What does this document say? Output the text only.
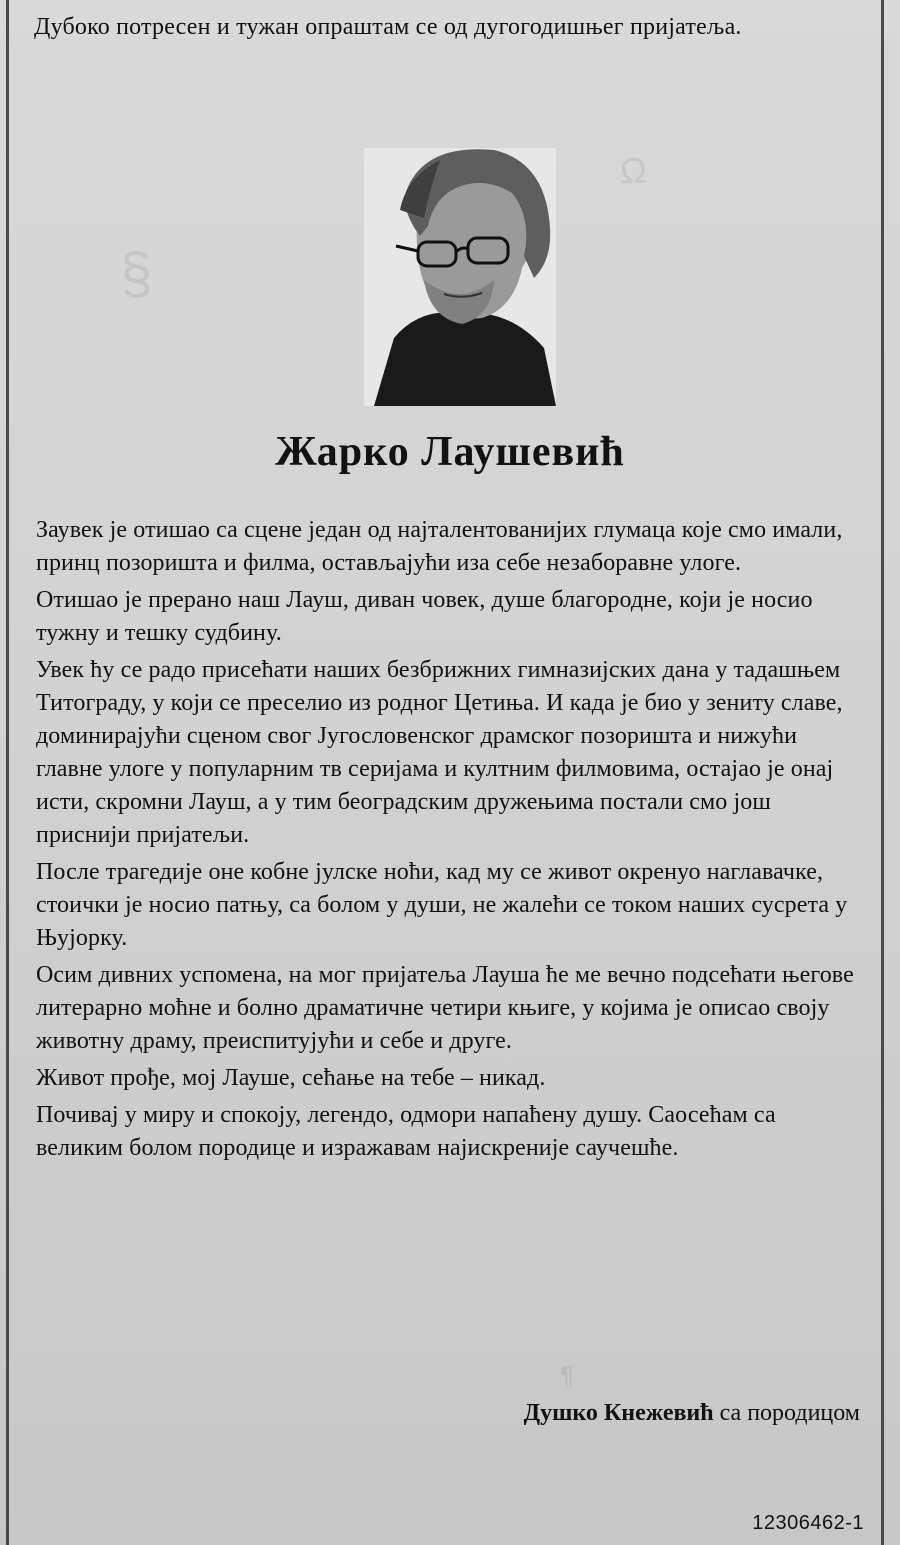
Ω
§
¶
Дубоко потресен и тужан опраштам се од дугогодишњег пријатеља.
Жарко Лаушевић

Заувек је отишао са сцене један од најталентованијих глумаца које смо имали, принц позоришта и филма, остављајући иза себе незаборавне улоге.

Отишао је прерано наш Лауш, диван човек, душе благородне, који је носио тужну и тешку судбину.

Увек ћу се радо присећати наших безбрижних гимназијских дана у тадашњем Титограду, у који се преселио из родног Цетиња. И када је био у зениту славе, доминирајући сценом свог Југословенског драмског позоришта и нижући главне улоге у популарним тв серијама и култним филмовима, остајао је онај исти, скромни Лауш, а у тим београдским дружењима постали смо још приснији пријатељи.

После трагедије оне кобне јулске ноћи, кад му се живот окренуо наглавачке, стоички је носио патњу, са болом у души, не жалећи се током наших сусрета у Њујорку.

Осим дивних успомена, на мог пријатеља Лауша ће ме вечно подсећати његове литерарно моћне и болно драматичне четири књиге, у којима је описао своју животну драму, преиспитујући и себе и друге.

Живот прође, мој Лауше, сећање на тебе – никад.

Почивај у миру и спокоју, легендо, одмори напаћену душу. Саосећам са великим болом породице и изражавам најискреније саучешће.

Душко Кнежевић са породицом
12306462-1
